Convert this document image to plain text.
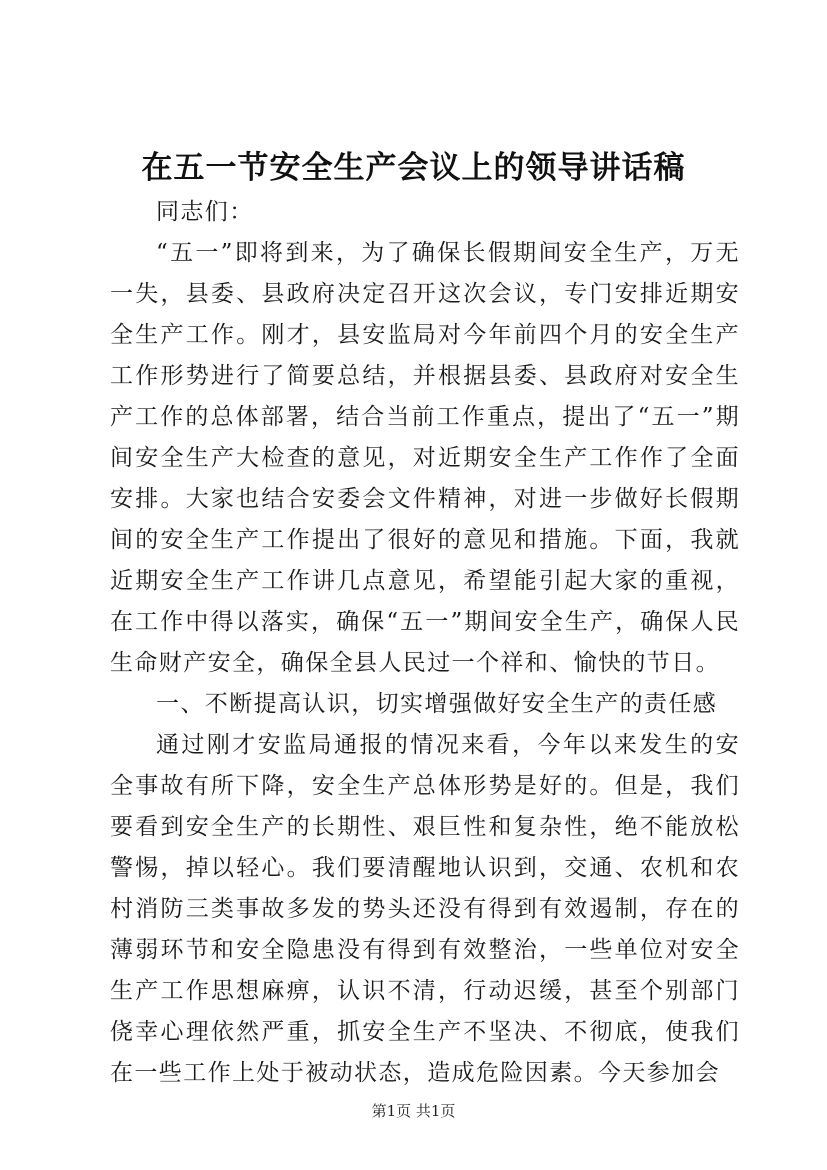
在五一节安全生产会议上的领导讲话稿

同志们：

“五一”即将到来，为了确保长假期间安全生产，万无一失，县委、县政府决定召开这次会议，专门安排近期安全生产工作。刚才，县安监局对今年前四个月的安全生产工作形势进行了简要总结，并根据县委、县政府对安全生产工作的总体部署，结合当前工作重点，提出了“五一”期间安全生产大检查的意见，对近期安全生产工作作了全面安排。大家也结合安委会文件精神，对进一步做好长假期间的安全生产工作提出了很好的意见和措施。下面，我就近期安全生产工作讲几点意见，希望能引起大家的重视，在工作中得以落实，确保“五一”期间安全生产，确保人民生命财产安全，确保全县人民过一个祥和、愉快的节日。

一、不断提高认识，切实增强做好安全生产的责任感

通过刚才安监局通报的情况来看，今年以来发生的安全事故有所下降，安全生产总体形势是好的。但是，我们要看到安全生产的长期性、艰巨性和复杂性，绝不能放松警惕，掉以轻心。我们要清醒地认识到，交通、农机和农村消防三类事故多发的势头还没有得到有效遏制，存在的薄弱环节和安全隐患没有得到有效整治，一些单位对安全生产工作思想麻痹，认识不清，行动迟缓，甚至个别部门侥幸心理依然严重，抓安全生产不坚决、不彻底，使我们在一些工作上处于被动状态，造成危险因素。今天参加会

第1页 共1页
